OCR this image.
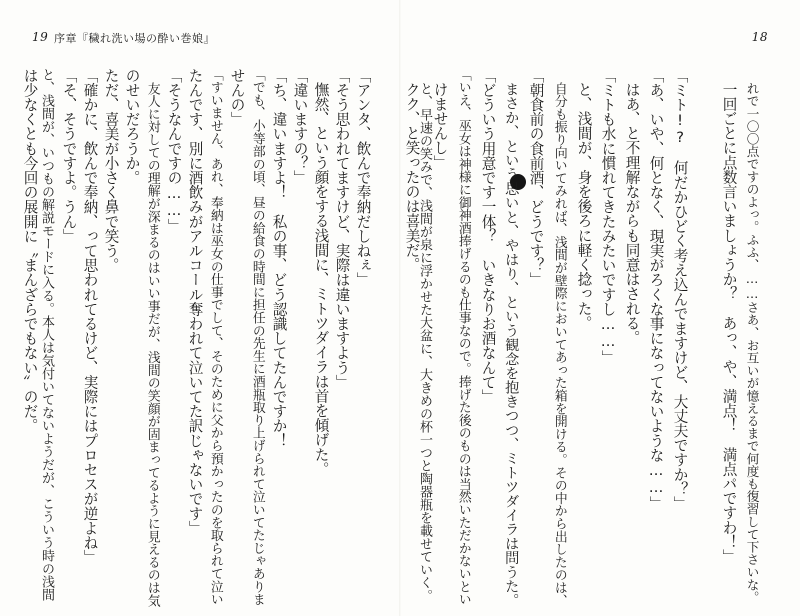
19 序章『穢れ洗い場の酔い巻娘』	18
れで一〇〇点ですのよっ。ふふ、……さあ、お互いが憶えるまで何度も復習して下さいな。
一回ごとに点数言いましょうか？　あっ、や、満点！　満点パですわ！」
「ミト!?　何だかひどく考え込んでますけど、大丈夫ですか？」
「あ、いや、何となく、現実がろくな事になってないような……」
はあ、と不理解ながらも同意はされる。
「ミトも水に慣れてきたみたいですし……」
と、浅間が、身を後ろに軽く捻った。
自分も振り向いてみれば、浅間が壁際においてあった箱を開ける。その中から出したのは、
「朝食前の食前酒、どうです？」
まさか、という思いと、やはり、という観念を抱きつつ、ミトツダイラは問うた。
「どういう用意です一体？　いきなりお酒なんて」
「いえ、巫女は神様に御神酒捧げるのも仕事なので。捧げた後のものは当然いただかないとい
けませんし」
と、早速の笑みで、浅間が泉に浮かせた大盆に、大きめの杯一つと陶器瓶を載せていく。
クク、と笑ったのは喜美だ。
「アンタ、飲んで奉納だしねぇ」
「そう思われてますけど、実際は違いますよう」
憮然、という顔をする浅間に、ミトツダイラは首を傾げた。
「違いますの？」
「ち、違いますよ！　私の事、どう認識してたんですか！
「でも、小等部の頃、昼の給食の時間に担任の先生に酒瓶取り上げられて泣いてたじゃありま
せんの」
「すいません、あれ、奉納は巫女の仕事でして、そのために父から預かったのを取られて泣い
たんです、別に酒飲みがアルコール奪われて泣いてた訳じゃないです」
「そうなんですの……」
友人に対しての理解が深まるのはいい事だが、浅間の笑顔が固まってるように見えるのは気
のせいだろうか。
ただ、喜美が小さく鼻で笑う。
「確かに、飲んで奉納、って思われてるけど、実際にはプロセスが逆よね」
「そ、そうですよ。うん」
と、浅間が、いつもの解説モードに入る。本人は気付いてないようだが、こういう時の浅間
は少なくとも今回の展開に〝まんざらでもない〟のだ。
